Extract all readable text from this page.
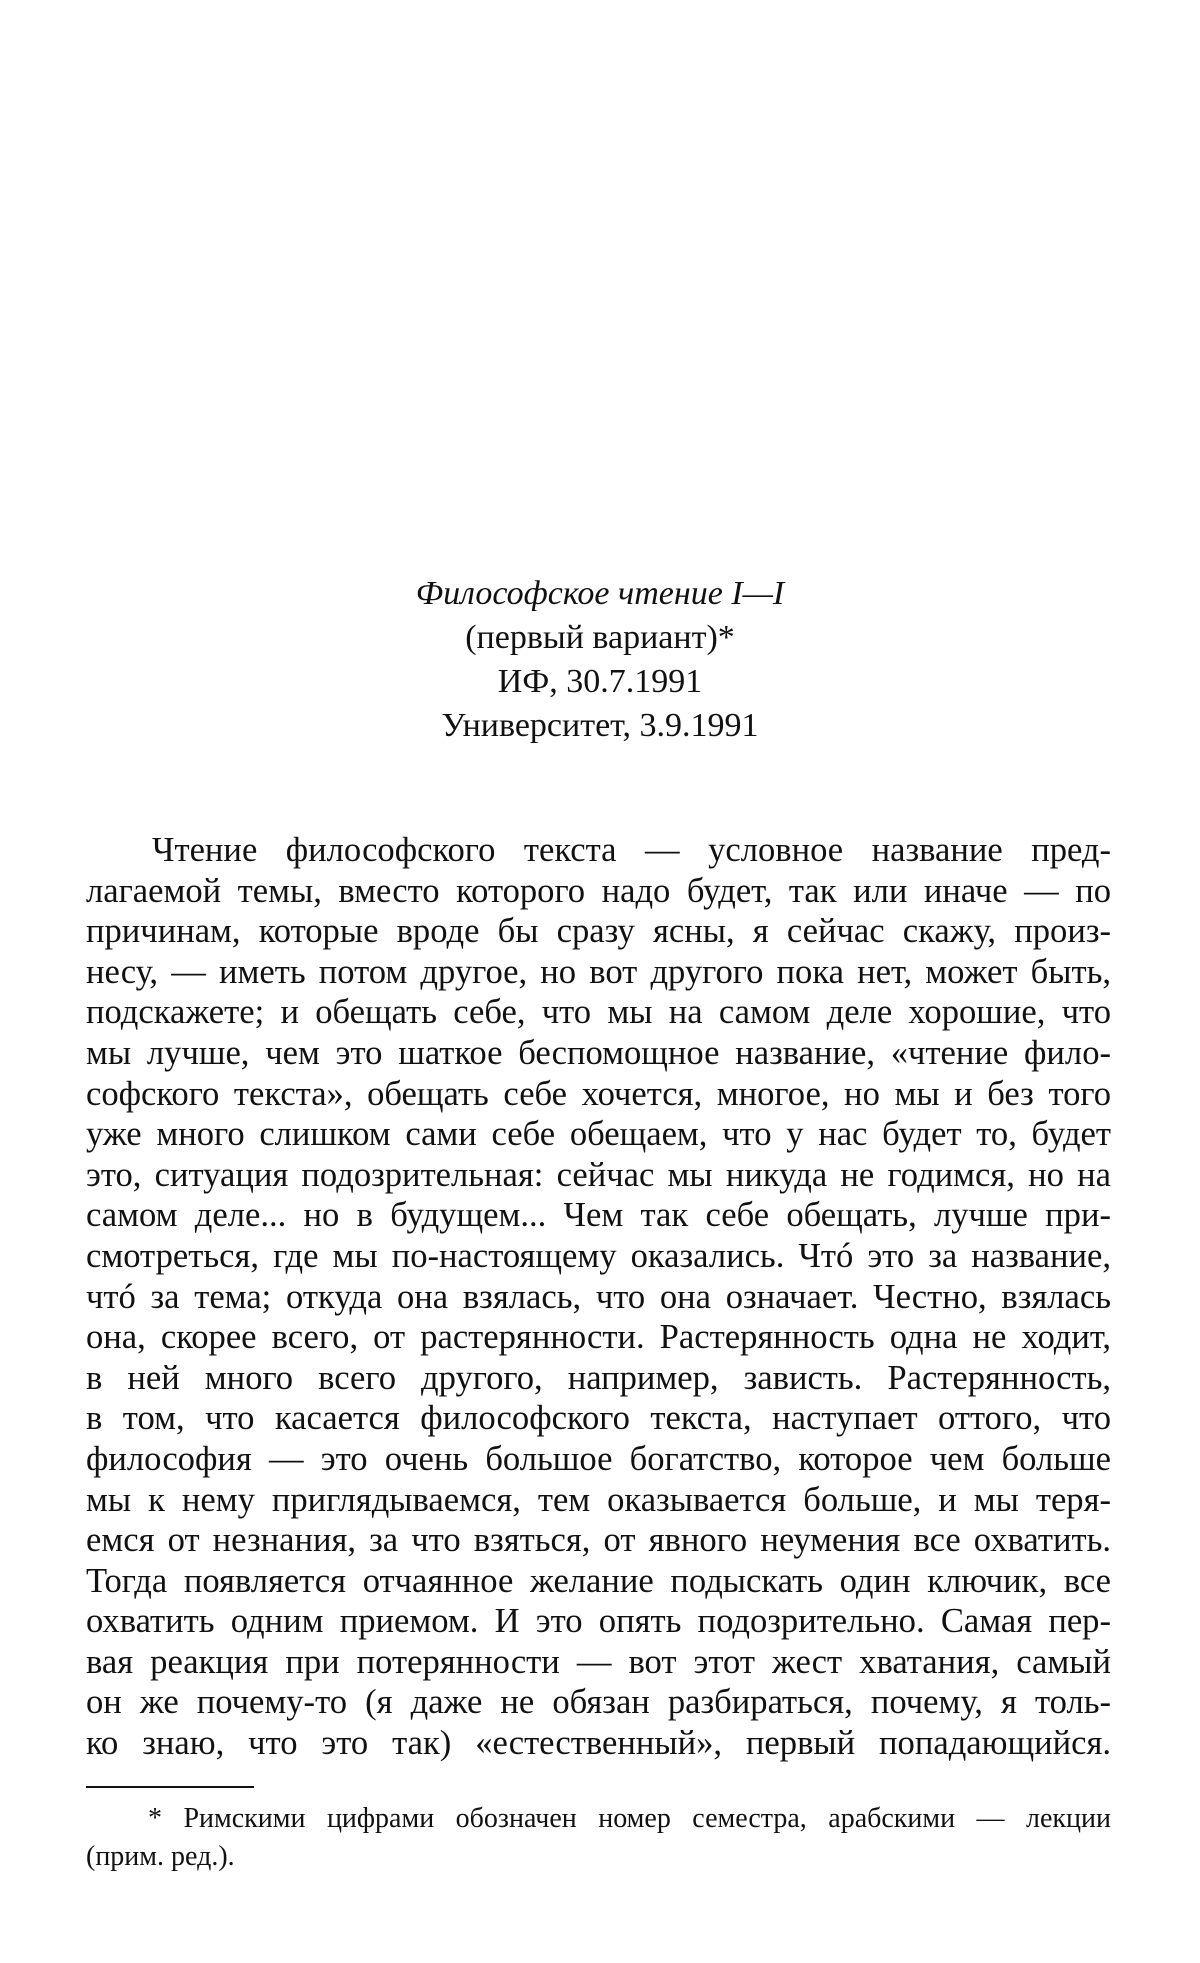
Философское чтение I—I
(первый вариант)*
ИФ, 30.7.1991
Университет, 3.9.1991
Чтение философского текста — условное название пред-
лагаемой темы, вместо которого надо будет, так или иначе — по
причинам, которые вроде бы сразу ясны, я сейчас скажу, произ-
несу, — иметь потом другое, но вот другого пока нет, может быть,
подскажете; и обещать себе, что мы на самом деле хорошие, что
мы лучше, чем это шаткое беспомощное название, «чтение фило-
софского текста», обещать себе хочется, многое, но мы и без того
уже много слишком сами себе обещаем, что у нас будет то, будет
это, ситуация подозрительная: сейчас мы никуда не годимся, но на
самом деле... но в будущем... Чем так себе обещать, лучше при-
смотреться, где мы по-настоящему оказались. Чтó это за название,
чтó за тема; откуда она взялась, что она означает. Честно, взялась
она, скорее всего, от растерянности. Растерянность одна не ходит,
в ней много всего другого, например, зависть. Растерянность,
в том, что касается философского текста, наступает оттого, что
философия — это очень большое богатство, которое чем больше
мы к нему приглядываемся, тем оказывается больше, и мы теря-
емся от незнания, за что взяться, от явного неумения все охватить.
Тогда появляется отчаянное желание подыскать один ключик, все
охватить одним приемом. И это опять подозрительно. Самая пер-
вая реакция при потерянности — вот этот жест хватания, самый
он же почему-то (я даже не обязан разбираться, почему, я толь-
ко знаю, что это так) «естественный», первый попадающийся.
* Римскими цифрами обозначен номер семестра, арабскими — лекции
(прим. ред.).
